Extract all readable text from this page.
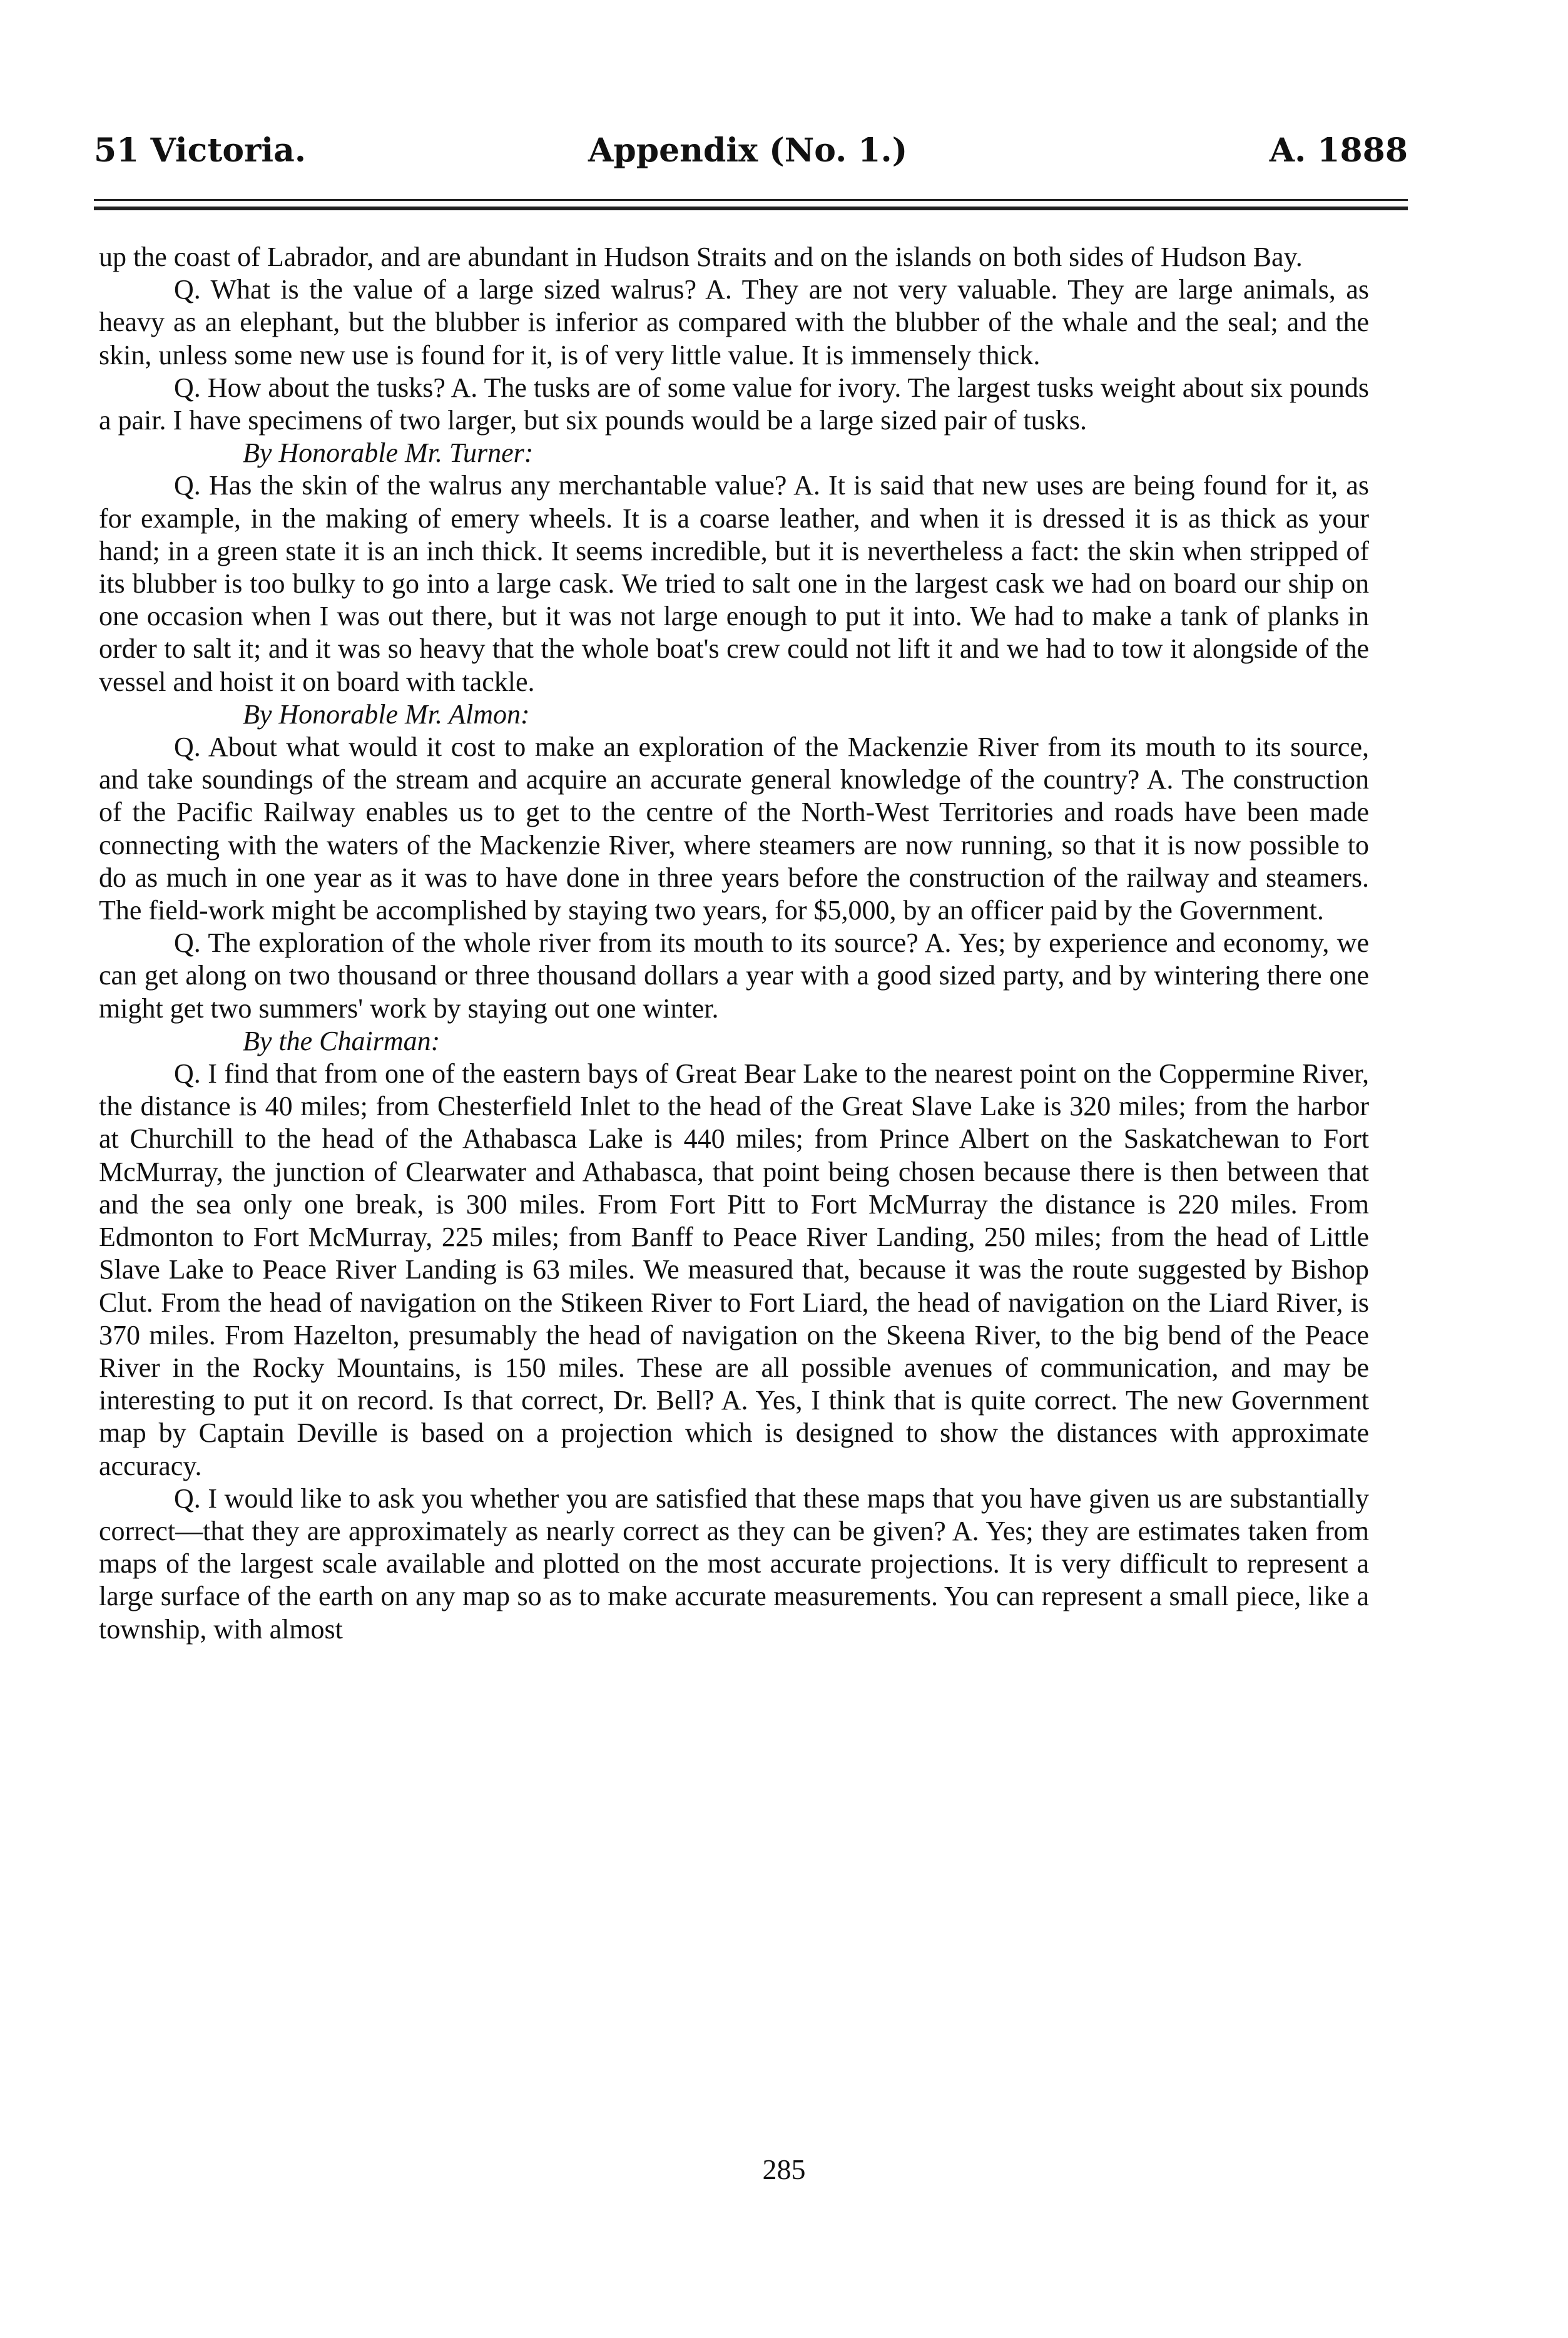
51 Victoria.	Appendix (No. 1.)	A. 1888

up the coast of Labrador, and are abundant in Hudson Straits and on the islands on both sides of Hudson Bay.

Q. What is the value of a large sized walrus? A. They are not very valuable. They are large animals, as heavy as an elephant, but the blubber is inferior as compared with the blubber of the whale and the seal; and the skin, unless some new use is found for it, is of very little value. It is immensely thick.

Q. How about the tusks? A. The tusks are of some value for ivory. The largest tusks weight about six pounds a pair. I have specimens of two larger, but six pounds would be a large sized pair of tusks.

By Honorable Mr. Turner:

Q. Has the skin of the walrus any merchantable value? A. It is said that new uses are being found for it, as for example, in the making of emery wheels. It is a coarse leather, and when it is dressed it is as thick as your hand; in a green state it is an inch thick. It seems incredible, but it is nevertheless a fact: the skin when stripped of its blubber is too bulky to go into a large cask. We tried to salt one in the largest cask we had on board our ship on one occasion when I was out there, but it was not large enough to put it into. We had to make a tank of planks in order to salt it; and it was so heavy that the whole boat's crew could not lift it and we had to tow it alongside of the vessel and hoist it on board with tackle.

By Honorable Mr. Almon:

Q. About what would it cost to make an exploration of the Mackenzie River from its mouth to its source, and take soundings of the stream and acquire an accurate general knowledge of the country? A. The construction of the Pacific Railway enables us to get to the centre of the North-West Territories and roads have been made connecting with the waters of the Mackenzie River, where steamers are now running, so that it is now possible to do as much in one year as it was to have done in three years before the construction of the railway and steamers. The field-work might be accomplished by staying two years, for $5,000, by an officer paid by the Government.

Q. The exploration of the whole river from its mouth to its source? A. Yes; by experience and economy, we can get along on two thousand or three thousand dollars a year with a good sized party, and by wintering there one might get two summers' work by staying out one winter.

By the Chairman:

Q. I find that from one of the eastern bays of Great Bear Lake to the nearest point on the Coppermine River, the distance is 40 miles; from Chesterfield Inlet to the head of the Great Slave Lake is 320 miles; from the harbor at Churchill to the head of the Athabasca Lake is 440 miles; from Prince Albert on the Saskatchewan to Fort McMurray, the junction of Clearwater and Athabasca, that point being chosen because there is then between that and the sea only one break, is 300 miles. From Fort Pitt to Fort McMurray the distance is 220 miles. From Edmonton to Fort McMurray, 225 miles; from Banff to Peace River Landing, 250 miles; from the head of Little Slave Lake to Peace River Landing is 63 miles. We measured that, because it was the route suggested by Bishop Clut. From the head of navigation on the Stikeen River to Fort Liard, the head of navigation on the Liard River, is 370 miles. From Hazelton, presumably the head of navigation on the Skeena River, to the big bend of the Peace River in the Rocky Mountains, is 150 miles. These are all possible avenues of communication, and may be interesting to put it on record. Is that correct, Dr. Bell? A. Yes, I think that is quite correct. The new Government map by Captain Deville is based on a projection which is designed to show the distances with approximate accuracy.

Q. I would like to ask you whether you are satisfied that these maps that you have given us are substantially correct—that they are approximately as nearly correct as they can be given? A. Yes; they are estimates taken from maps of the largest scale available and plotted on the most accurate projections. It is very difficult to represent a large surface of the earth on any map so as to make accurate measurements. You can represent a small piece, like a township, with almost

285
